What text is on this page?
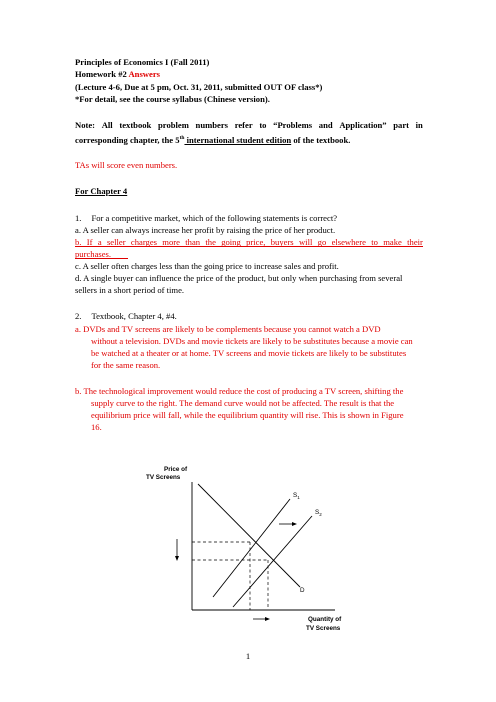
Principles of Economics I (Fall 2011)
Homework #2 Answers
(Lecture 4-6, Due at 5 pm, Oct. 31, 2011, submitted OUT OF class*)
*For detail, see the course syllabus (Chinese version).
Note: All textbook problem numbers refer to “Problems and Application” part in
corresponding chapter, the 5th international student edition of the textbook.
TAs will score even numbers.
For Chapter 4
1. For a competitive market, which of the following statements is correct?
a. A seller can always increase her profit by raising the price of her product.
b. If a seller charges more than the going price, buyers will go elsewhere to make their
purchases.
c. A seller often charges less than the going price to increase sales and profit.
d. A single buyer can influence the price of the product, but only when purchasing from several
sellers in a short period of time.
2. Textbook, Chapter 4, #4.
a. DVDs and TV screens are likely to be complements because you cannot watch a DVD
without a television. DVDs and movie tickets are likely to be substitutes because a movie can
be watched at a theater or at home. TV screens and movie tickets are likely to be substitutes
for the same reason.
b. The technological improvement would reduce the cost of producing a TV screen, shifting the
supply curve to the right. The demand curve would not be affected. The result is that the
equilibrium price will fall, while the equilibrium quantity will rise. This is shown in Figure
16.
Price of
TV Screens
$S_1$
$S_2$
D
Quantity of
TV Screens
1
